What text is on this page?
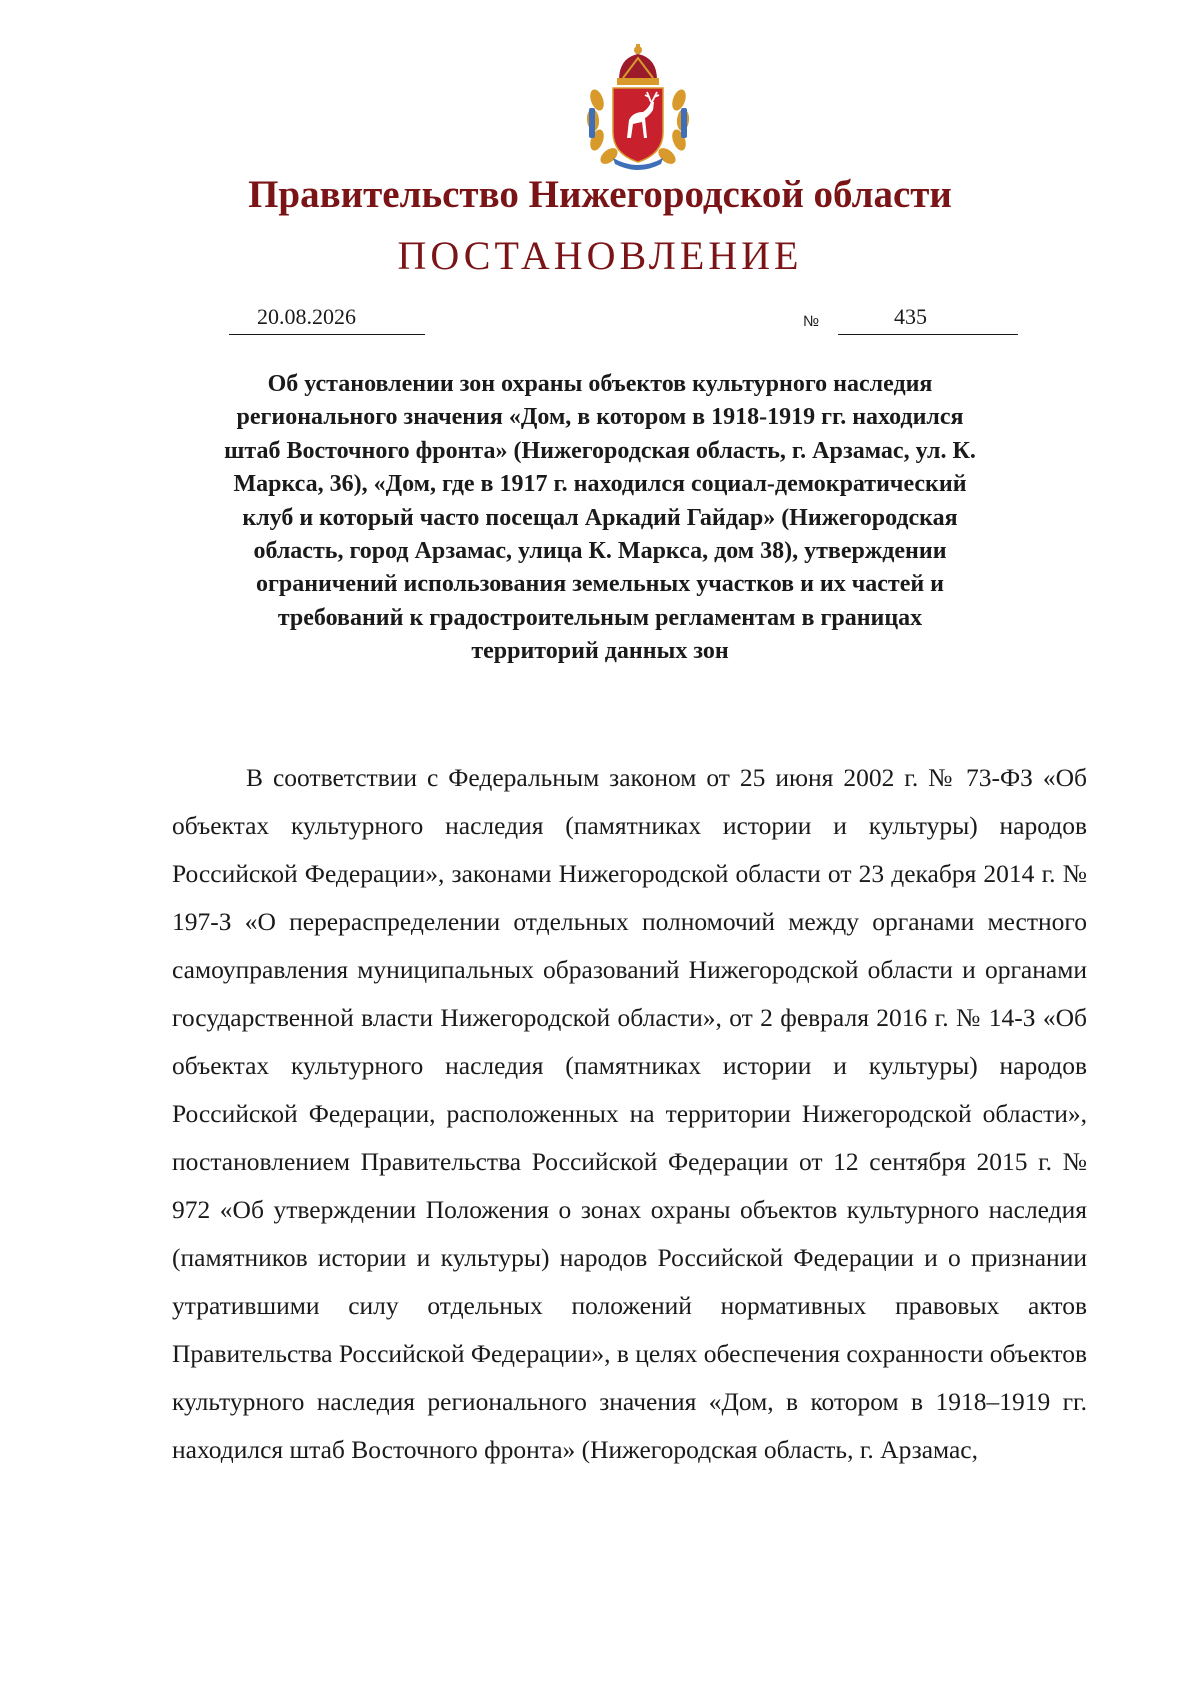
Правительство Нижегородской области
ПОСТАНОВЛЕНИЕ
20.08.2026	№	435
Об установлении зон охраны объектов культурного наследия регионального значения «Дом, в котором в 1918-1919 гг. находился штаб Восточного фронта» (Нижегородская область, г. Арзамас, ул. К. Маркса, 36), «Дом, где в 1917 г. находился социал-демократический клуб и который часто посещал Аркадий Гайдар» (Нижегородская область, город Арзамас, улица К. Маркса, дом 38), утверждении ограничений использования земельных участков и их частей и требований к градостроительным регламентам в границах территорий данных зон

В соответствии с Федеральным законом от 25 июня 2002 г. № 73-ФЗ «Об объектах культурного наследия (памятниках истории и культуры) народов Российской Федерации», законами Нижегородской области от 23 декабря 2014 г. № 197-З «О перераспределении отдельных полномочий между органами местного самоуправления муниципальных образований Нижегородской области и органами государственной власти Нижегородской области», от 2 февраля 2016 г. № 14-З «Об объектах культурного наследия (памятниках истории и культуры) народов Российской Федерации, расположенных на территории Нижегородской области», постановлением Правительства Российской Федерации от 12 сентября 2015 г. № 972 «Об утверждении Положения о зонах охраны объектов культурного наследия (памятников истории и культуры) народов Российской Федерации и о признании утратившими силу отдельных положений нормативных правовых актов Правительства Российской Федерации», в целях обеспечения сохранности объектов культурного наследия регионального значения «Дом, в котором в 1918–1919 гг. находился штаб Восточного фронта» (Нижегородская область, г. Арзамас,
